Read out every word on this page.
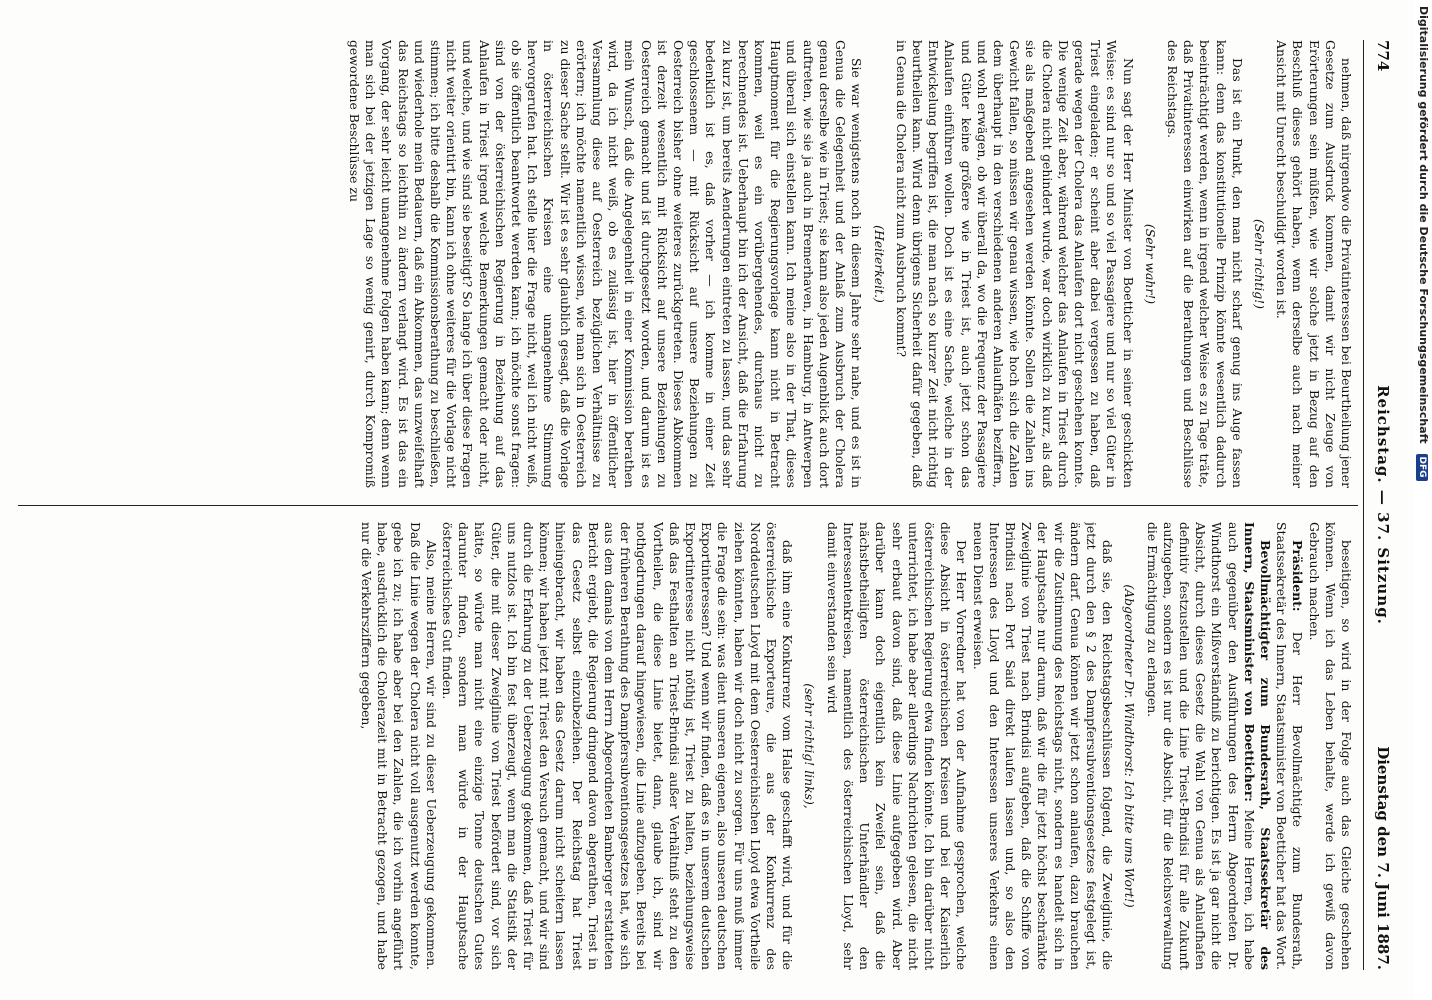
774
Reichstag. — 37. Sitzung.
Dienstag den 7. Juni 1887.

nehmen, daß nirgendwo die Privatinteressen bei Beurtheilung jener Gesetze zum Ausdruck kommen, damit wir nicht Zeuge von Erörterungen sein müßten, wie wir solche jetzt in Bezug auf den Beschluß dieses gehört haben, wenn derselbe auch nach meiner Ansicht mit Unrecht beschuldigt worden ist.

(Sehr richtig!)

Das ist ein Punkt, den man nicht scharf genug ins Auge fassen kann: denn das konstitutionelle Prinzip könnte wesentlich dadurch beeinträchtigt werden, wenn in irgend welcher Weise es zu Tage träte, daß Privatinteressen einwirken auf die Berathungen und Beschlüsse des Reichstags.

(Sehr wahr!)

Nun sagt der Herr Minister von Boetticher in seiner geschickten Weise: es sind nur so und so viel Passagiere und nur so viel Güter in Triest eingeladen; er scheint aber dabei vergessen zu haben, daß gerade wegen der Cholera das Anlaufen dort nicht geschehen konnte. Die wenige Zeit aber, während welcher das Anlaufen in Triest durch die Cholera nicht gehindert wurde, war doch wirklich zu kurz, als daß sie als maßgebend angesehen werden könnte. Sollen die Zahlen ins Gewicht fallen, so müssen wir genau wissen, wie hoch sich die Zahlen dem überhaupt in den verschiedenen anderen Anlaufhäfen beziffern, und wohl erwägen, ob wir überall da, wo die Frequenz der Passagiere und Güter keine größere wie in Triest ist, auch jetzt schon das Anlaufen einführen wollen. Doch ist es eine Sache, welche in der Entwickelung begriffen ist, die man nach so kurzer Zeit nicht richtig beurtheilen kann. Wird denn übrigens Sicherheit dafür gegeben, daß in Genua die Cholera nicht zum Ausbruch kommt?

(Heiterkeit.)

Sie war wenigstens noch in diesem Jahre sehr nahe, und es ist in Genua die Gelegenheit und der Anlaß zum Ausbruch der Cholera genau derselbe wie in Triest; sie kann also jeden Augenblick auch dort auftreten, wie sie ja auch in Bremerhaven, in Hamburg, in Antwerpen und überall sich einstellen kann. Ich meine also in der That, dieses Hauptmoment für die Regierungsvorlage kann nicht in Betracht kommen, weil es ein vorübergehendes, durchaus nicht zu berechnendes ist. Ueberhaupt bin ich der Ansicht, daß die Erfahrung zu kurz ist, um bereits Aenderungen eintreten zu lassen, und das sehr bedenklich ist es, daß vorher — ich komme in einer Zeit geschlossenem — mit Rücksicht auf unsere Beziehungen zu Oesterreich bisher ohne weiteres zurückgetreten. Dieses Abkommen ist derzeit wesentlich mit Rücksicht auf unsere Beziehungen zu Oesterreich gemacht und ist durchgesetzt worden, und darum ist es mein Wunsch, daß die Angelegenheit in einer Kommission berathen wird, da ich nicht weiß, ob es zulässig ist, hier in öffentlicher Versammlung diese auf Oesterreich bezüglichen Verhältnisse zu erörtern; ich möchte namentlich wissen, wie man sich in Oesterreich zu dieser Sache stellt. Wir ist es sehr glaublich gesagt, daß die Vorlage in österreichischen Kreisen eine unangenehme Stimmung hervorgerufen hat. Ich stelle hier die Frage nicht, weil ich nicht weiß, ob sie öffentlich beantwortet werden kann; ich möchte sonst fragen: sind von der österreichischen Regierung in Beziehung auf das Anlaufen in Triest irgend welche Bemerkungen gemacht oder nicht, und welche, und wie sind sie beseitigt? So lange ich über diese Fragen nicht weiter orientirt bin, kann ich ohne weiteres für die Vorlage nicht stimmen; ich bitte deshalb die Kommissionsberathung zu beschließen, und wiederhole mein Bedauern, daß ein Abkommen, das unzweifelhaft das Reichstags so leichthin zu ändern verlangt wird. Es ist das ein Vorgang, der sehr leicht unangenehme Folgen haben kann; denn wenn man sich bei der jetzigen Lage so wenig genirt, durch Kompromiß gewordene Beschlüsse zu

beseitigen, so wird in der Folge auch das Gleiche geschehen können. Wenn ich das Leben behalte, werde ich gewiß davon Gebrauch machen.

Präsident: Der Herr Bevollmächtigte zum Bundesrath, Staatssekretär des Innern, Staatsminister von Boetticher hat das Wort.

Bevollmächtigter zum Bundesrath, Staatssekretär des Innern, Staatsminister von Boetticher: Meine Herren, ich habe auch gegenüber den Ausführungen des Herrn Abgeordneten Dr. Windthorst ein Mißverständniß zu berichtigen. Es ist ja gar nicht die Absicht, durch dieses Gesetz die Wahl von Genua als Anlaufhafen definitiv festzustellen und die Linie Triest-Brindisi für alle Zukunft aufzugeben, sondern es ist nur die Absicht, für die Reichsverwaltung die Ermächtigung zu erlangen.

(Abgeordneter Dr. Windthorst: Ich bitte ums Wort!)

daß sie, den Reichstagsbeschlüssen folgend, die Zweiglinie, die jetzt durch den § 2 des Dampfersubventionsgesetzes festgelegt ist, ändern darf. Genua können wir jetzt schon anlaufen, dazu brauchen wir die Zustimmung des Reichstags nicht, sondern es handelt sich in der Hauptsache nur darum, daß wir die für jetzt höchst beschränkte Zweiglinie von Triest nach Brindisi aufgeben, daß die Schiffe von Brindisi nach Port Said direkt laufen lassen und, so also den Interessen des Lloyd und den Interessen unseres Verkehrs einen neuen Dienst erweisen.

Der Herr Vorredner hat von der Aufnahme gesprochen, welche diese Absicht in österreichischen Kreisen und bei der Kaiserlich österreichischen Regierung etwa finden könnte. Ich bin darüber nicht unterrichtet, ich habe aber allerdings Nachrichten gelesen, die nicht sehr erbaut davon sind, daß diese Linie aufgegeben wird. Aber darüber kann doch eigentlich kein Zweifel sein, daß die nächstbetheiligten österreichischen Unterhändler den Interessentenkreisen, namentlich des österreichischen Lloyd, sehr damit einverstanden sein wird

(sehr richtig! links),

daß ihm eine Konkurrenz vom Halse geschafft wird, und für die österreichische Exporteure, die aus der Konkurrenz des Norddeutschen Lloyd mit dem Oesterreichischen Lloyd etwa Vortheile ziehen könnten, haben wir doch nicht zu sorgen. Für uns muß immer die Frage die sein: was dient unseren eigenen, also unseren deutschen Exportinteressen? Und wenn wir finden, daß es in unserem deutschen Exportinteresse nicht nöthig ist, Triest zu halten, beziehungsweise daß das Festhalten an Triest-Brindisi außer Verhältniß steht zu den Vortheilen, die diese Linie bietet, dann, glaube ich, sind wir nothgedrungen darauf hingewiesen, die Linie aufzugeben. Bereits bei der früheren Berathung des Dampfersubventionsgesetzes hat, wie sich aus dem damals von dem Herrn Abgeordneten Bamberger erstatteten Bericht ergiebt, die Regierung dringend davon abgerathen, Triest in das Gesetz selbst einzubeziehen. Der Reichstag hat Triest hineingebracht, wir haben das Gesetz darum nicht scheitern lassen können; wir haben jetzt mit Triest den Versuch gemacht, und wir sind durch die Erfahrung zu der Ueberzeugung gekommen, daß Triest für uns nutzlos ist. Ich bin fest überzeugt, wenn man die Statistik der Güter, die mit dieser Zweiglinie von Triest befördert sind, vor sich hätte, so würde man nicht eine einzige Tonne deutschen Gutes darunter finden, sondern man würde in der Hauptsache österreichisches Gut finden.

Also, meine Herren, wir sind zu dieser Ueberzeugung gekommen. Daß die Linie wegen der Cholera nicht voll ausgenutzt werden konnte, gebe ich zu; ich habe aber bei den Zahlen, die ich vorhin angeführt habe, ausdrücklich die Cholerazeit mit in Betracht gezogen, und habe nur die Verkehrsziffern gegeben,

Digitalisierung gefördert durch die Deutsche Forschungsgemeinschaft DFG
